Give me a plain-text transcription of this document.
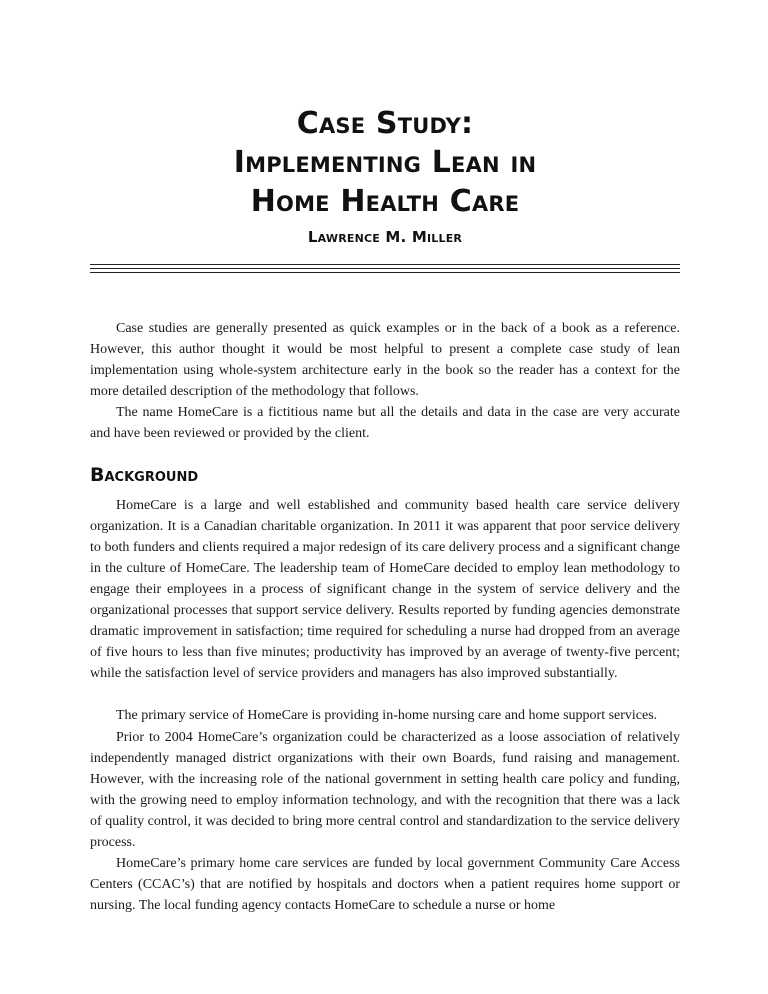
Case Study:
Implementing Lean in
Home Health Care
Lawrence M. Miller

Case studies are generally presented as quick examples or in the back of a book as a reference. However, this author thought it would be most helpful to present a complete case study of lean implementation using whole-system architecture early in the book so the reader has a context for the more detailed description of the methodology that follows.

The name HomeCare is a fictitious name but all the details and data in the case are very accurate and have been reviewed or provided by the client.

Background

HomeCare is a large and well established and community based health care service delivery organization. It is a Canadian charitable organization. In 2011 it was apparent that poor service delivery to both funders and clients required a major redesign of its care delivery process and a significant change in the culture of HomeCare. The leadership team of HomeCare decided to employ lean methodology to engage their employees in a process of significant change in the system of service delivery and the organizational processes that support service delivery. Results reported by funding agencies demonstrate dramatic improvement in satisfaction; time required for scheduling a nurse had dropped from an average of five hours to less than five minutes; productivity has improved by an average of twenty-five percent; while the satisfaction level of service providers and managers has also improved substantially.

The primary service of HomeCare is providing in-home nursing care and home support services.

Prior to 2004 HomeCare’s organization could be characterized as a loose association of relatively independently managed district organizations with their own Boards, fund raising and management. However, with the increasing role of the national government in setting health care policy and funding, with the growing need to employ information technology, and with the recognition that there was a lack of quality control, it was decided to bring more central control and standardization to the service delivery process.

HomeCare’s primary home care services are funded by local government Community Care Access Centers (CCAC’s) that are notified by hospitals and doctors when a patient requires home support or nursing. The local funding agency contacts HomeCare to schedule a nurse or home
